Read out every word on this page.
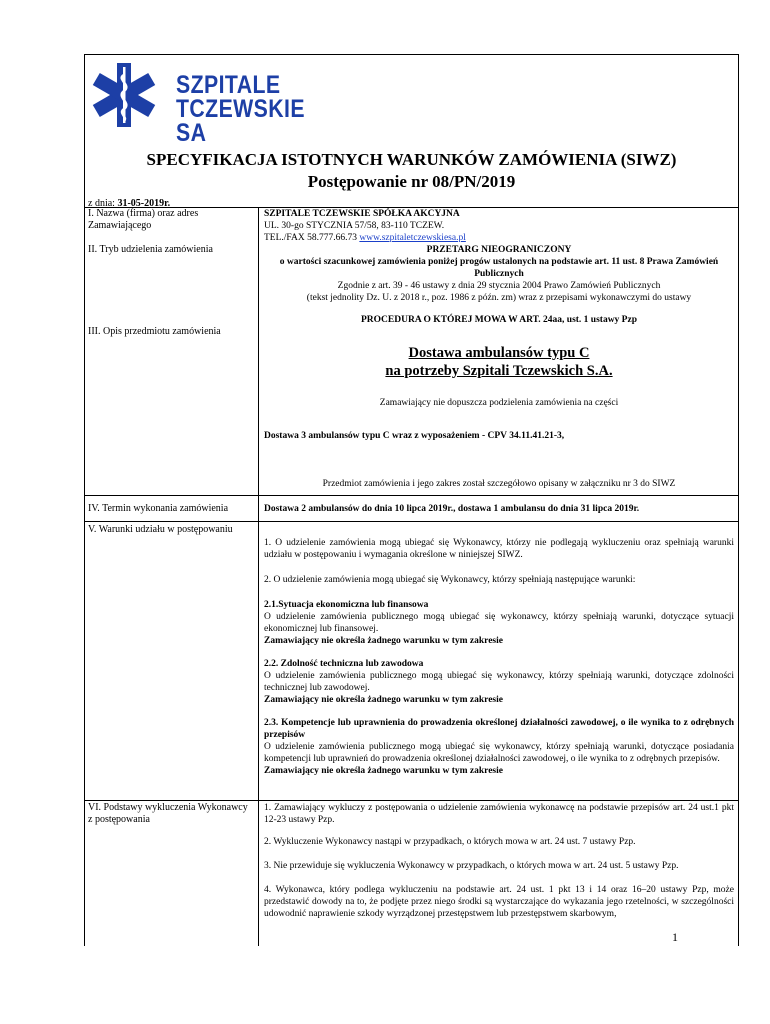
SZPITALE
TCZEWSKIE SA
SPECYFIKACJA ISTOTNYCH WARUNKÓW ZAMÓWIENIA (SIWZ)
Postępowanie nr 08/PN/2019
z dnia: 31-05-2019r.
I. Nazwa (firma) oraz adres Zamawiającego
SZPITALE TCZEWSKIE SPÓŁKA AKCYJNA
UL. 30-go STYCZNIA 57/58, 83-110 TCZEW.
TEL./FAX 58.777.66.73 www.szpitaletczewskiesa.pl
II. Tryb udzielenia zamówienia	PRZETARG NIEOGRANICZONY
o wartości szacunkowej zamówienia poniżej progów ustalonych na podstawie art. 11 ust. 8 Prawa Zamówień Publicznych
Zgodnie z art. 39 - 46 ustawy z dnia 29 stycznia 2004 Prawo Zamówień Publicznych
(tekst jednolity Dz. U. z 2018 r., poz. 1986 z późn. zm) wraz z przepisami wykonawczymi do ustawy
PROCEDURA O KTÓREJ MOWA W ART. 24aa, ust. 1 ustawy Pzp
III. Opis przedmiotu zamówienia
Dostawa ambulansów typu C
na potrzeby Szpitali Tczewskich S.A.
Zamawiający nie dopuszcza podzielenia zamówienia na części
Dostawa 3 ambulansów typu C wraz z wyposażeniem - CPV 34.11.41.21-3,
Przedmiot zamówienia i jego zakres został szczegółowo opisany w załączniku nr 3 do SIWZ
IV. Termin wykonania zamówienia	Dostawa 2 ambulansów do dnia 10 lipca 2019r., dostawa 1 ambulansu do dnia 31 lipca 2019r.
V. Warunki udziału w postępowaniu
1. O udzielenie zamówienia mogą ubiegać się Wykonawcy, którzy nie podlegają wykluczeniu oraz spełniają warunki udziału w postępowaniu i wymagania określone w niniejszej SIWZ.
2. O udzielenie zamówienia mogą ubiegać się Wykonawcy, którzy spełniają następujące warunki:
2.1.Sytuacja ekonomiczna lub finansowa
O udzielenie zamówienia publicznego mogą ubiegać się wykonawcy, którzy spełniają warunki, dotyczące sytuacji ekonomicznej lub finansowej.
Zamawiający nie określa żadnego warunku w tym zakresie
2.2. Zdolność techniczna lub zawodowa
O udzielenie zamówienia publicznego mogą ubiegać się wykonawcy, którzy spełniają warunki, dotyczące zdolności technicznej lub zawodowej.
Zamawiający nie określa żadnego warunku w tym zakresie
2.3. Kompetencje lub uprawnienia do prowadzenia określonej działalności zawodowej, o ile wynika to z odrębnych przepisów
O udzielenie zamówienia publicznego mogą ubiegać się wykonawcy, którzy spełniają warunki, dotyczące posiadania kompetencji lub uprawnień do prowadzenia określonej działalności zawodowej, o ile wynika to z odrębnych przepisów.
Zamawiający nie określa żadnego warunku w tym zakresie
VI. Podstawy wykluczenia Wykonawcy z postępowania
1. Zamawiający wykluczy z postępowania o udzielenie zamówienia wykonawcę na podstawie przepisów art. 24 ust.1 pkt 12-23 ustawy Pzp.
2. Wykluczenie Wykonawcy nastąpi w przypadkach, o których mowa w art. 24 ust. 7 ustawy Pzp.
3. Nie przewiduje się wykluczenia Wykonawcy w przypadkach, o których mowa w art. 24 ust. 5 ustawy Pzp.
4. Wykonawca, który podlega wykluczeniu na podstawie art. 24 ust. 1 pkt 13 i 14 oraz 16–20 ustawy Pzp, może przedstawić dowody na to, że podjęte przez niego środki są wystarczające do wykazania jego rzetelności, w szczególności udowodnić naprawienie szkody wyrządzonej przestępstwem lub przestępstwem skarbowym,
1
